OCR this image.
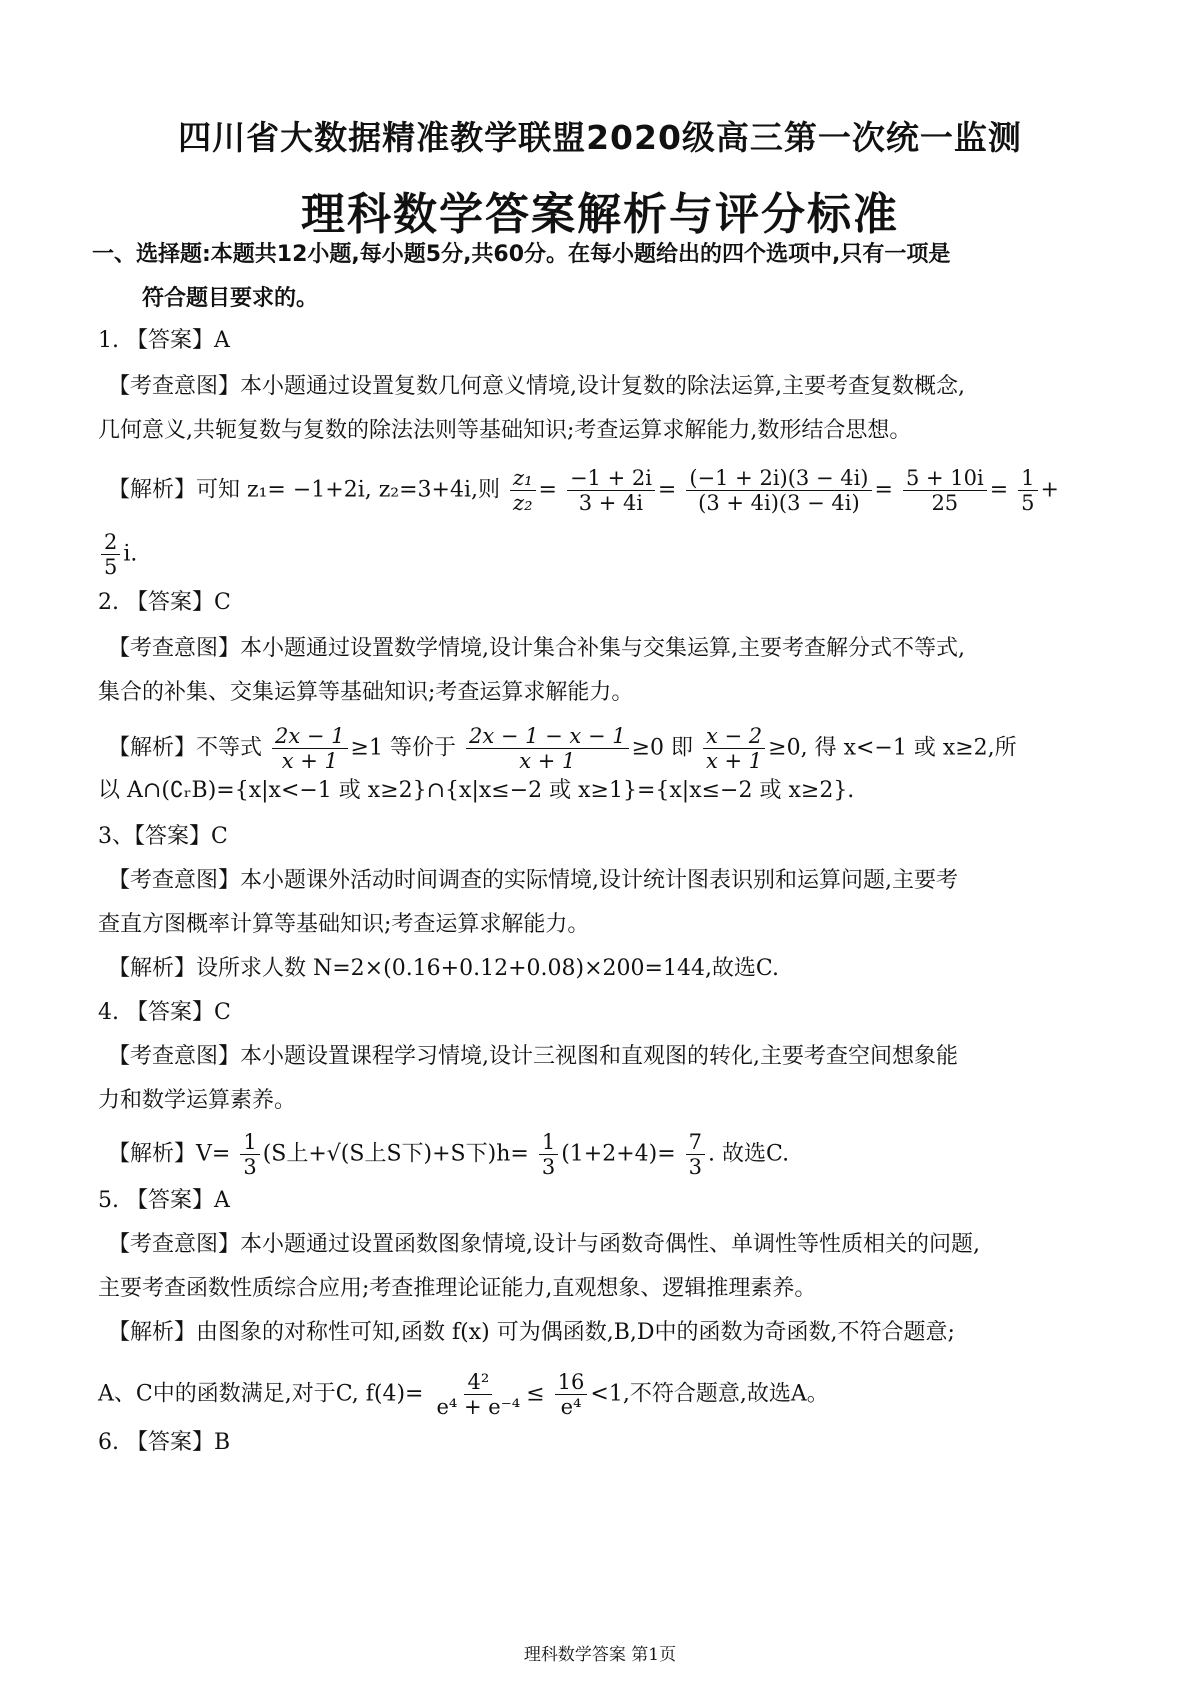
四川省大数据精准教学联盟2020级高三第一次统一监测
理科数学答案解析与评分标准
一、选择题:本题共12小题,每小题5分,共60分。在每小题给出的四个选项中,只有一项是
符合题目要求的。
1. 【答案】A
【考查意图】本小题通过设置复数几何意义情境,设计复数的除法运算,主要考查复数概念,
几何意义,共轭复数与复数的除法法则等基础知识;考查运算求解能力,数形结合思想。
【解析】可知 z₁= −1+2i, z₂=3+4i,则 $\frac{\text{z₁}}{\text{z₂}} = \frac{-1 + 2i}{3 + 4i} = \frac{(-1 + 2i)(3 - 4i)}{(3 + 4i)(3 - 4i)} = \frac{5 + 10i}{25} = \frac{1}{5}$ +
$\frac{2}{5} i$.
2. 【答案】C
【考查意图】本小题通过设置数学情境,设计集合补集与交集运算,主要考查解分式不等式,
集合的补集、交集运算等基础知识;考查运算求解能力。
【解析】不等式 $\frac{2x - 1}{x + 1} \ge 1$ 等价于 $\frac{2x - 1 - x - 1}{x + 1} \ge 0$ 即 $\frac{x - 2}{x + 1} \ge 0$, 得 x<−1 或 x≥2,所
以 A∩(∁ᵣB)={x|x<−1 或 x≥2}∩{x|x≤−2 或 x≥1}={x|x≤−2 或 x≥2}.
3、【答案】C
【考查意图】本小题课外活动时间调查的实际情境,设计统计图表识别和运算问题,主要考
查直方图概率计算等基础知识;考查运算求解能力。
【解析】设所求人数 N=2×(0.16+0.12+0.08)×200=144,故选C.
4. 【答案】C
【考查意图】本小题设置课程学习情境,设计三视图和直观图的转化,主要考查空间想象能
力和数学运算素养。
【解析】$V= \frac{1}{3} (S$上+√(S上S下)+S下)$h= \frac{1}{3} (1+2+4)= \frac{7}{3}$ . 故选C.
5. 【答案】A
【考查意图】本小题通过设置函数图象情境,设计与函数奇偶性、单调性等性质相关的问题,
主要考查函数性质综合应用;考查推理论证能力,直观想象、逻辑推理素养。
【解析】由图象的对称性可知,函数 f(x) 可为偶函数,B,D中的函数为奇函数,不符合题意;
A、C中的函数满足,对于C, $f(4)= \frac{\text{4²}}{\text{e⁴ + e⁻⁴}} \le \frac{16}{\text{e⁴}} <1$,不符合题意,故选A。
6. 【答案】B
理科数学答案 第1页
